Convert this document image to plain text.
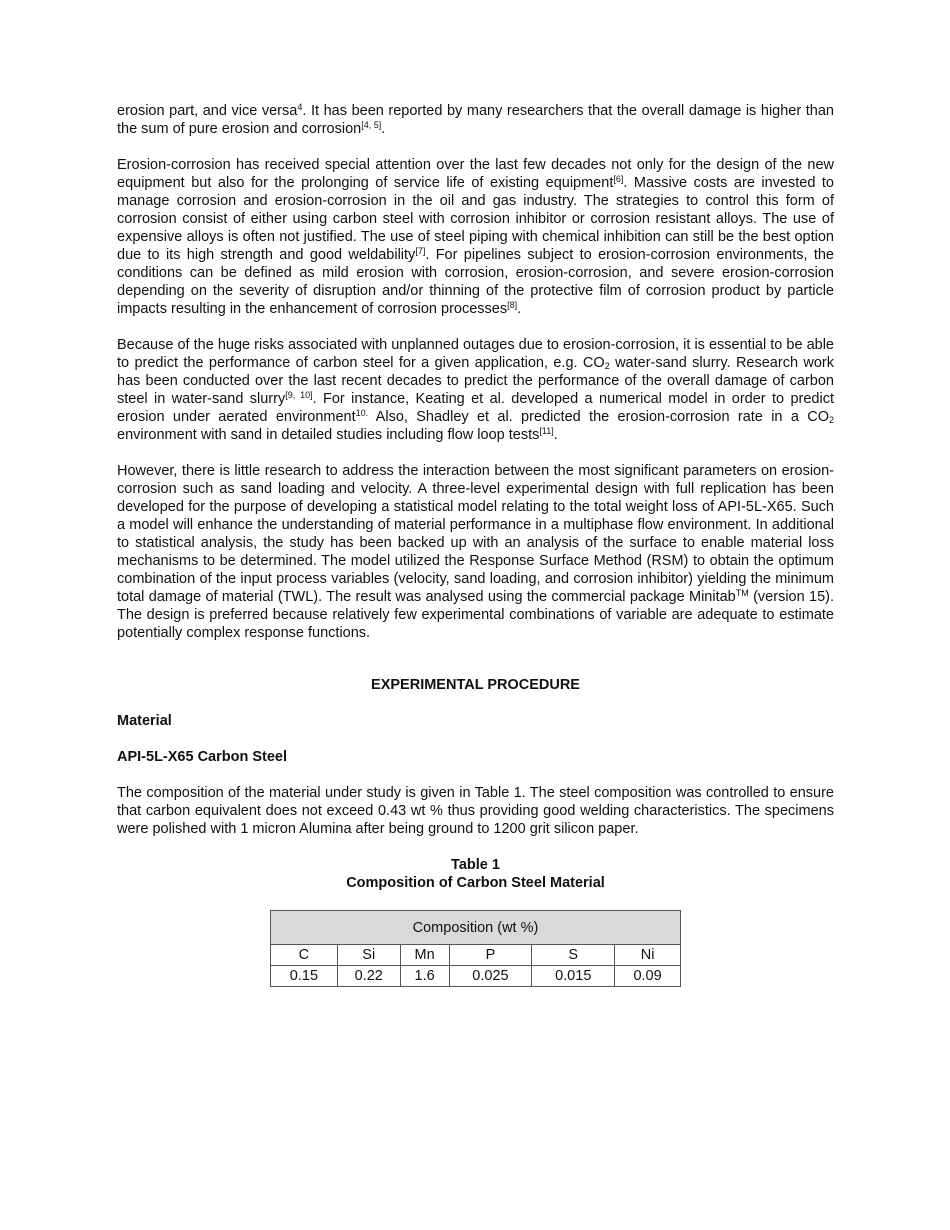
erosion part, and vice versa$^4$. It has been reported by many researchers that the overall damage is higher than the sum of pure erosion and corrosion[4, 5].

Erosion-corrosion has received special attention over the last few decades not only for the design of the new equipment but also for the prolonging of service life of existing equipment[6]. Massive costs are invested to manage corrosion and erosion-corrosion in the oil and gas industry. The strategies to control this form of corrosion consist of either using carbon steel with corrosion inhibitor or corrosion resistant alloys. The use of expensive alloys is often not justified. The use of steel piping with chemical inhibition can still be the best option due to its high strength and good weldability[7]. For pipelines subject to erosion-corrosion environments, the conditions can be defined as mild erosion with corrosion, erosion-corrosion, and severe erosion-corrosion depending on the severity of disruption and/or thinning of the protective film of corrosion product by particle impacts resulting in the enhancement of corrosion processes[8].

Because of the huge risks associated with unplanned outages due to erosion-corrosion, it is essential to be able to predict the performance of carbon steel for a given application, e.g. $CO_2$ water-sand slurry. Research work has been conducted over the last recent decades to predict the performance of the overall damage of carbon steel in water-sand slurry[9, 10]. For instance, Keating et al. developed a numerical model in order to predict erosion under aerated environment$^{10.}$ Also, Shadley et al. predicted the erosion-corrosion rate in a $CO_2$ environment with sand in detailed studies including flow loop tests[11].

However, there is little research to address the interaction between the most significant parameters on erosion-corrosion such as sand loading and velocity. A three-level experimental design with full replication has been developed for the purpose of developing a statistical model relating to the total weight loss of API-5L-X65. Such a model will enhance the understanding of material performance in a multiphase flow environment. In additional to statistical analysis, the study has been backed up with an analysis of the surface to enable material loss mechanisms to be determined. The model utilized the Response Surface Method (RSM) to obtain the optimum combination of the input process variables (velocity, sand loading, and corrosion inhibitor) yielding the minimum total damage of material (TWL). The result was analysed using the commercial package Minitab™ (version 15). The design is preferred because relatively few experimental combinations of variable are adequate to estimate potentially complex response functions.

EXPERIMENTAL PROCEDURE
Material
API-5L-X65 Carbon Steel

The composition of the material under study is given in Table 1. The steel composition was controlled to ensure that carbon equivalent does not exceed 0.43 wt % thus providing good welding characteristics. The specimens were polished with 1 micron Alumina after being ground to 1200 grit silicon paper.

Table 1
Composition of Carbon Steel Material
Composition (wt %)					
C	Si	Mn	P	S	Ni
0.15	0.22	1.6	0.025	0.015	0.09
